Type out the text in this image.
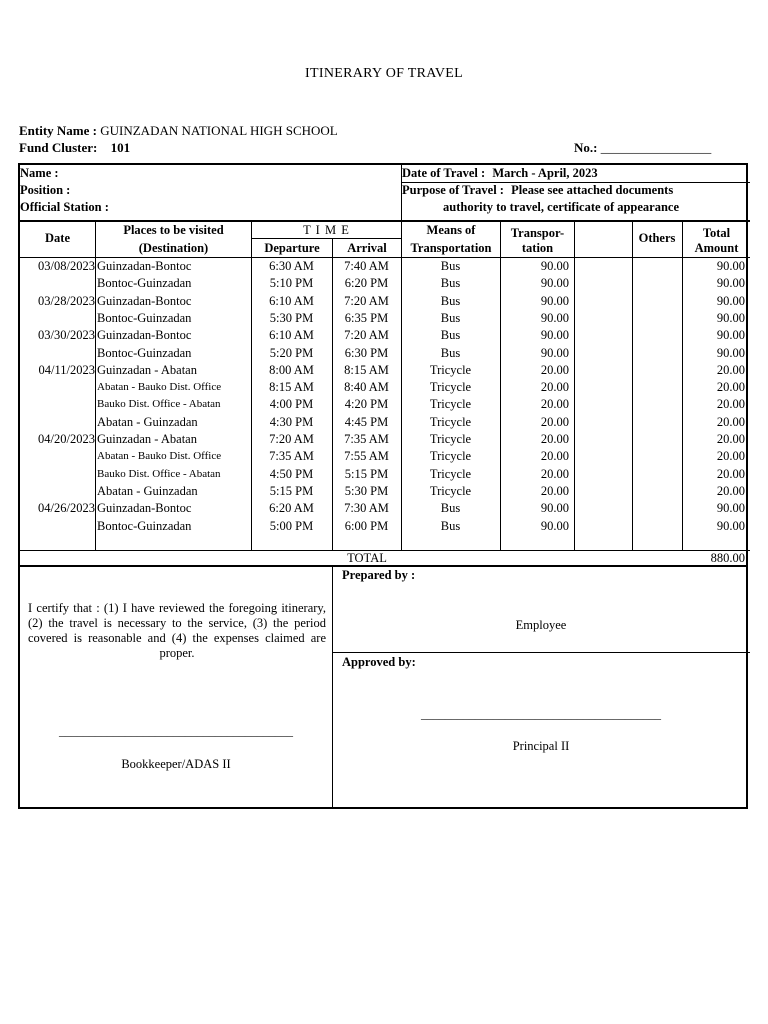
ITINERARY OF TRAVEL
Entity Name : GUINZADAN NATIONAL HIGH SCHOOL
Fund Cluster: 101	No.: _________________
Name :
Position :
Official Station :
Date of Travel : March - April, 2023
Purpose of Travel : Please see attached documents
authority to travel, certificate of appearance
Date
Places to be visited
(Destination)
T I M E
Departure	Arrival
Means of
Transportation
Transpor-
tation
Others	Total
Amount
03/08/2023 Guinzadan-Bontoc	6:30 AM	7:40 AM	Bus	90.00	90.00
Bontoc-Guinzadan	5:10 PM	6:20 PM	Bus	90.00	90.00
03/28/2023 Guinzadan-Bontoc	6:10 AM	7:20 AM	Bus	90.00	90.00
Bontoc-Guinzadan	5:30 PM	6:35 PM	Bus	90.00	90.00
03/30/2023 Guinzadan-Bontoc	6:10 AM	7:20 AM	Bus	90.00	90.00
Bontoc-Guinzadan	5:20 PM	6:30 PM	Bus	90.00	90.00
04/11/2023 Guinzadan - Abatan	8:00 AM	8:15 AM	Tricycle	20.00	20.00
Abatan - Bauko Dist. Office	8:15 AM	8:40 AM	Tricycle	20.00	20.00
Bauko Dist. Office - Abatan	4:00 PM	4:20 PM	Tricycle	20.00	20.00
Abatan - Guinzadan	4:30 PM	4:45 PM	Tricycle	20.00	20.00
04/20/2023 Guinzadan - Abatan	7:20 AM	7:35 AM	Tricycle	20.00	20.00
Abatan - Bauko Dist. Office	7:35 AM	7:55 AM	Tricycle	20.00	20.00
Bauko Dist. Office - Abatan	4:50 PM	5:15 PM	Tricycle	20.00	20.00
Abatan - Guinzadan	5:15 PM	5:30 PM	Tricycle	20.00	20.00
04/26/2023 Guinzadan-Bontoc	6:20 AM	7:30 AM	Bus	90.00	90.00
Bontoc-Guinzadan	5:00 PM	6:00 PM	Bus	90.00	90.00
TOTAL	880.00
I certify that : (1) I have reviewed the foregoing itinerary, (2) the travel is necessary to the service, (3) the period covered is reasonable and (4) the expenses claimed are proper.
_______________________________________
Bookkeeper/ADAS II
Prepared by :
Employee
Approved by:
________________________________________
Principal II
